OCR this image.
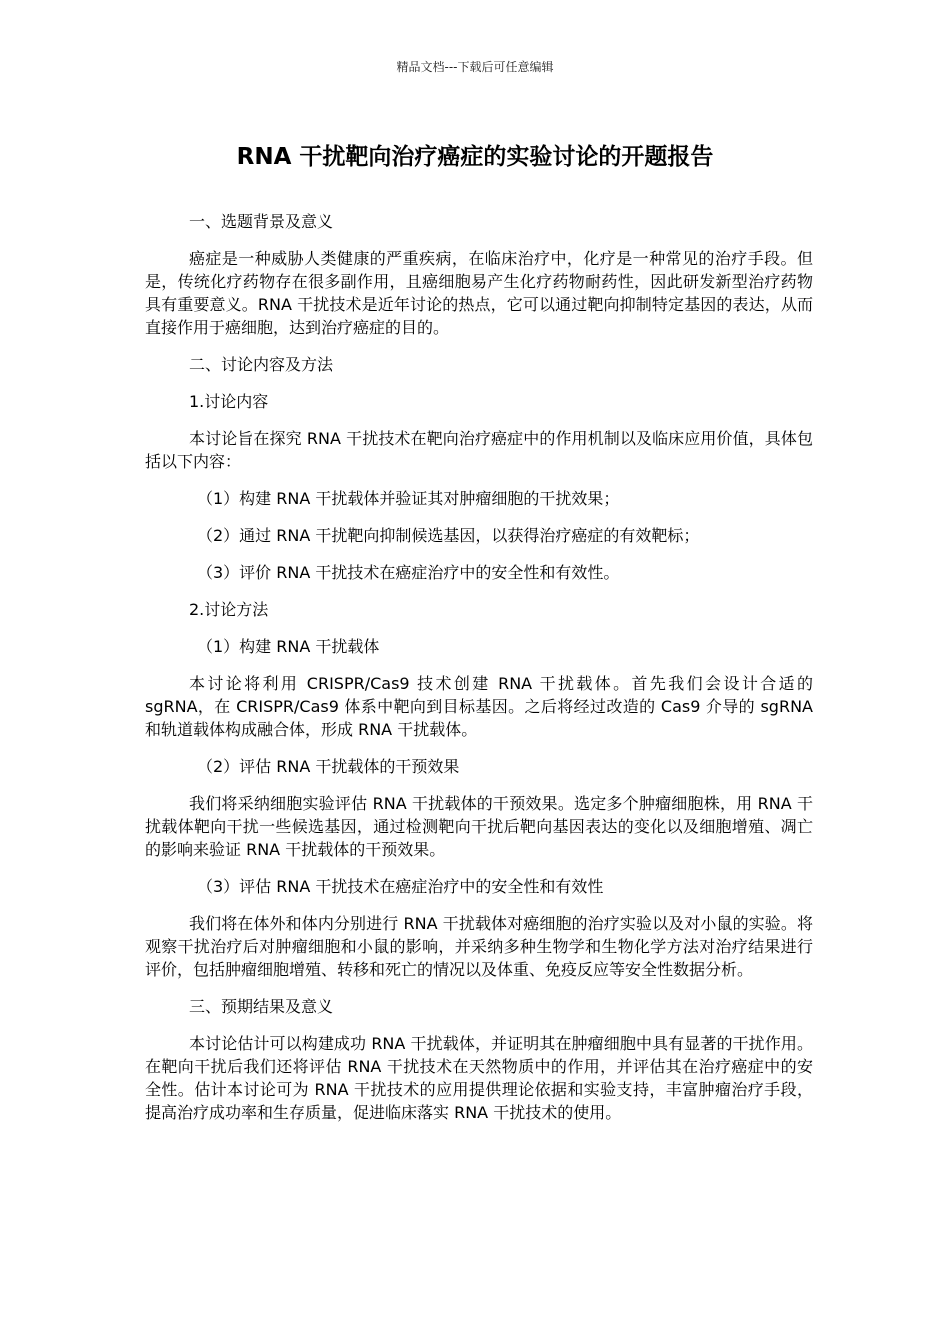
精品文档---下载后可任意编辑
RNA 干扰靶向治疗癌症的实验讨论的开题报告

一、选题背景及意义

癌症是一种威胁人类健康的严重疾病，在临床治疗中，化疗是一种常见的治疗手段。但是，传统化疗药物存在很多副作用，且癌细胞易产生化疗药物耐药性，因此研发新型治疗药物具有重要意义。RNA 干扰技术是近年讨论的热点，它可以通过靶向抑制特定基因的表达，从而直接作用于癌细胞，达到治疗癌症的目的。

二、讨论内容及方法

1.讨论内容

本讨论旨在探究 RNA 干扰技术在靶向治疗癌症中的作用机制以及临床应用价值，具体包括以下内容：

（1）构建 RNA 干扰载体并验证其对肿瘤细胞的干扰效果；

（2）通过 RNA 干扰靶向抑制候选基因，以获得治疗癌症的有效靶标；

（3）评价 RNA 干扰技术在癌症治疗中的安全性和有效性。

2.讨论方法

（1）构建 RNA 干扰载体

本讨论将利用 CRISPR/Cas9 技术创建 RNA 干扰载体。首先我们会设计合适的 sgRNA，在 CRISPR/Cas9 体系中靶向到目标基因。之后将经过改造的 Cas9 介导的 sgRNA 和轨道载体构成融合体，形成 RNA 干扰载体。

（2）评估 RNA 干扰载体的干预效果

我们将采纳细胞实验评估 RNA 干扰载体的干预效果。选定多个肿瘤细胞株，用 RNA 干扰载体靶向干扰一些候选基因，通过检测靶向干扰后靶向基因表达的变化以及细胞增殖、凋亡的影响来验证 RNA 干扰载体的干预效果。

（3）评估 RNA 干扰技术在癌症治疗中的安全性和有效性

我们将在体外和体内分别进行 RNA 干扰载体对癌细胞的治疗实验以及对小鼠的实验。将观察干扰治疗后对肿瘤细胞和小鼠的影响，并采纳多种生物学和生物化学方法对治疗结果进行评价，包括肿瘤细胞增殖、转移和死亡的情况以及体重、免疫反应等安全性数据分析。

三、预期结果及意义

本讨论估计可以构建成功 RNA 干扰载体，并证明其在肿瘤细胞中具有显著的干扰作用。在靶向干扰后我们还将评估 RNA 干扰技术在天然物质中的作用，并评估其在治疗癌症中的安全性。估计本讨论可为 RNA 干扰技术的应用提供理论依据和实验支持，丰富肿瘤治疗手段，提高治疗成功率和生存质量，促进临床落实 RNA 干扰技术的使用。
